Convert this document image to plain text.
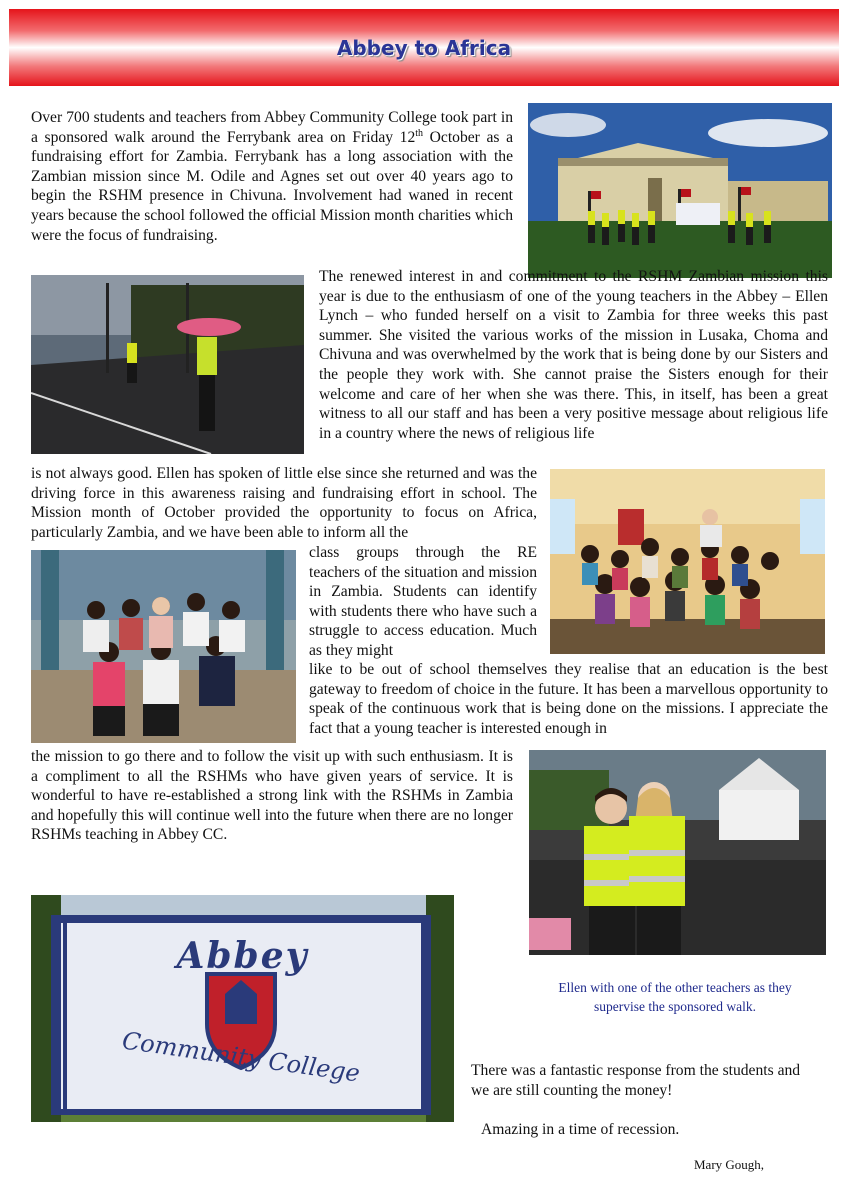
Abbey to Africa
Over 700 students and teachers from Abbey Community College took part in a sponsored walk around the Ferrybank area on Friday 12th October as a fundraising effort for Zambia. Ferrybank has a long association with the Zambian mission since M. Odile and Agnes set out over 40 years ago to begin the RSHM presence in Chivuna. Involvement had waned in recent years because the school followed the official Mission month charities which were the focus of fundraising.
The renewed interest in and commitment to the RSHM Zambian mission this year is due to the enthusiasm of one of the young teachers in the Abbey – Ellen Lynch – who funded herself on a visit to Zambia for three weeks this past summer. She visited the various works of the mission in Lusaka, Choma and Chivuna and was overwhelmed by the work that is being done by our Sisters and the people they work with. She cannot praise the Sisters enough for their welcome and care of her when she was there. This, in itself, has been a great witness to all our staff and has been a very positive message about religious life in a country where the news of religious life
is not always good. Ellen has spoken of little else since she returned and was the driving force in this awareness raising and fundraising effort in school. The Mission month of October provided the opportunity to focus on Africa, particularly Zambia, and we have been able to inform all the
class groups through the RE teachers of the situation and mission in Zambia. Students can identify with students there who have such a struggle to access education. Much as they might
like to be out of school themselves they realise that an education is the best gateway to freedom of choice in the future. It has been a marvellous opportunity to speak of the continuous work that is being done on the missions. I appreciate the fact that a young teacher is interested enough in
the mission to go there and to follow the visit up with such enthusiasm. It is a compliment to all the RSHMs who have given years of service. It is wonderful to have re-established a strong link with the RSHMs in Zambia and hopefully this will continue well into the future when there are no longer RSHMs teaching in Abbey CC.
Abbey
Community College
Ellen with one of the other teachers as they supervise the sponsored walk.
There was a fantastic response from the students and we are still counting the money!
Amazing in a time of recession.
Mary Gough,
